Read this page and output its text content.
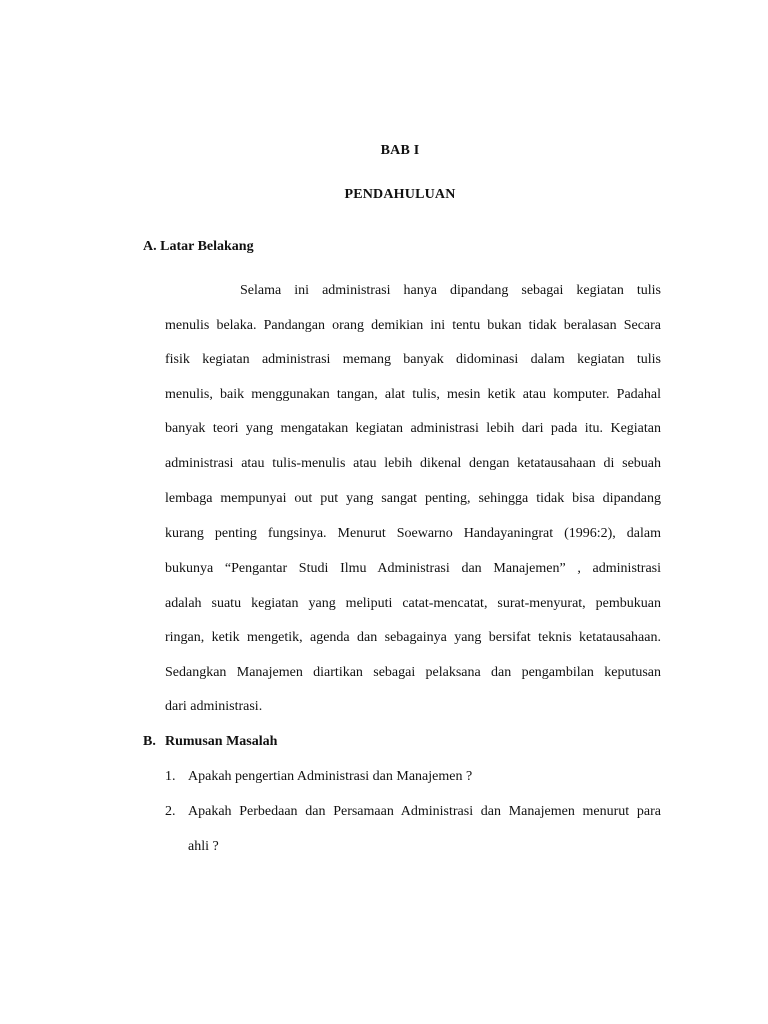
BAB I
PENDAHULUAN
A. Latar Belakang
Selama ini administrasi hanya dipandang sebagai kegiatan tulis
menulis belaka. Pandangan orang demikian ini tentu bukan tidak beralasan Secara
fisik kegiatan administrasi memang banyak didominasi dalam kegiatan tulis
menulis, baik menggunakan tangan, alat tulis, mesin ketik atau komputer. Padahal
banyak teori yang mengatakan kegiatan administrasi lebih dari pada itu. Kegiatan
administrasi atau tulis-menulis atau lebih dikenal dengan ketatausahaan di sebuah
lembaga mempunyai out put yang sangat penting, sehingga tidak bisa dipandang
kurang penting fungsinya. Menurut Soewarno Handayaningrat (1996:2), dalam
bukunya “Pengantar Studi Ilmu Administrasi dan Manajemen” , administrasi
adalah suatu kegiatan yang meliputi catat-mencatat, surat-menyurat, pembukuan
ringan, ketik mengetik, agenda dan sebagainya yang bersifat teknis ketatausahaan.
Sedangkan Manajemen diartikan sebagai pelaksana dan pengambilan keputusan
dari administrasi.
B. Rumusan Masalah
1. Apakah pengertian Administrasi dan Manajemen ?
2. Apakah Perbedaan dan Persamaan Administrasi dan Manajemen menurut para
ahli ?
